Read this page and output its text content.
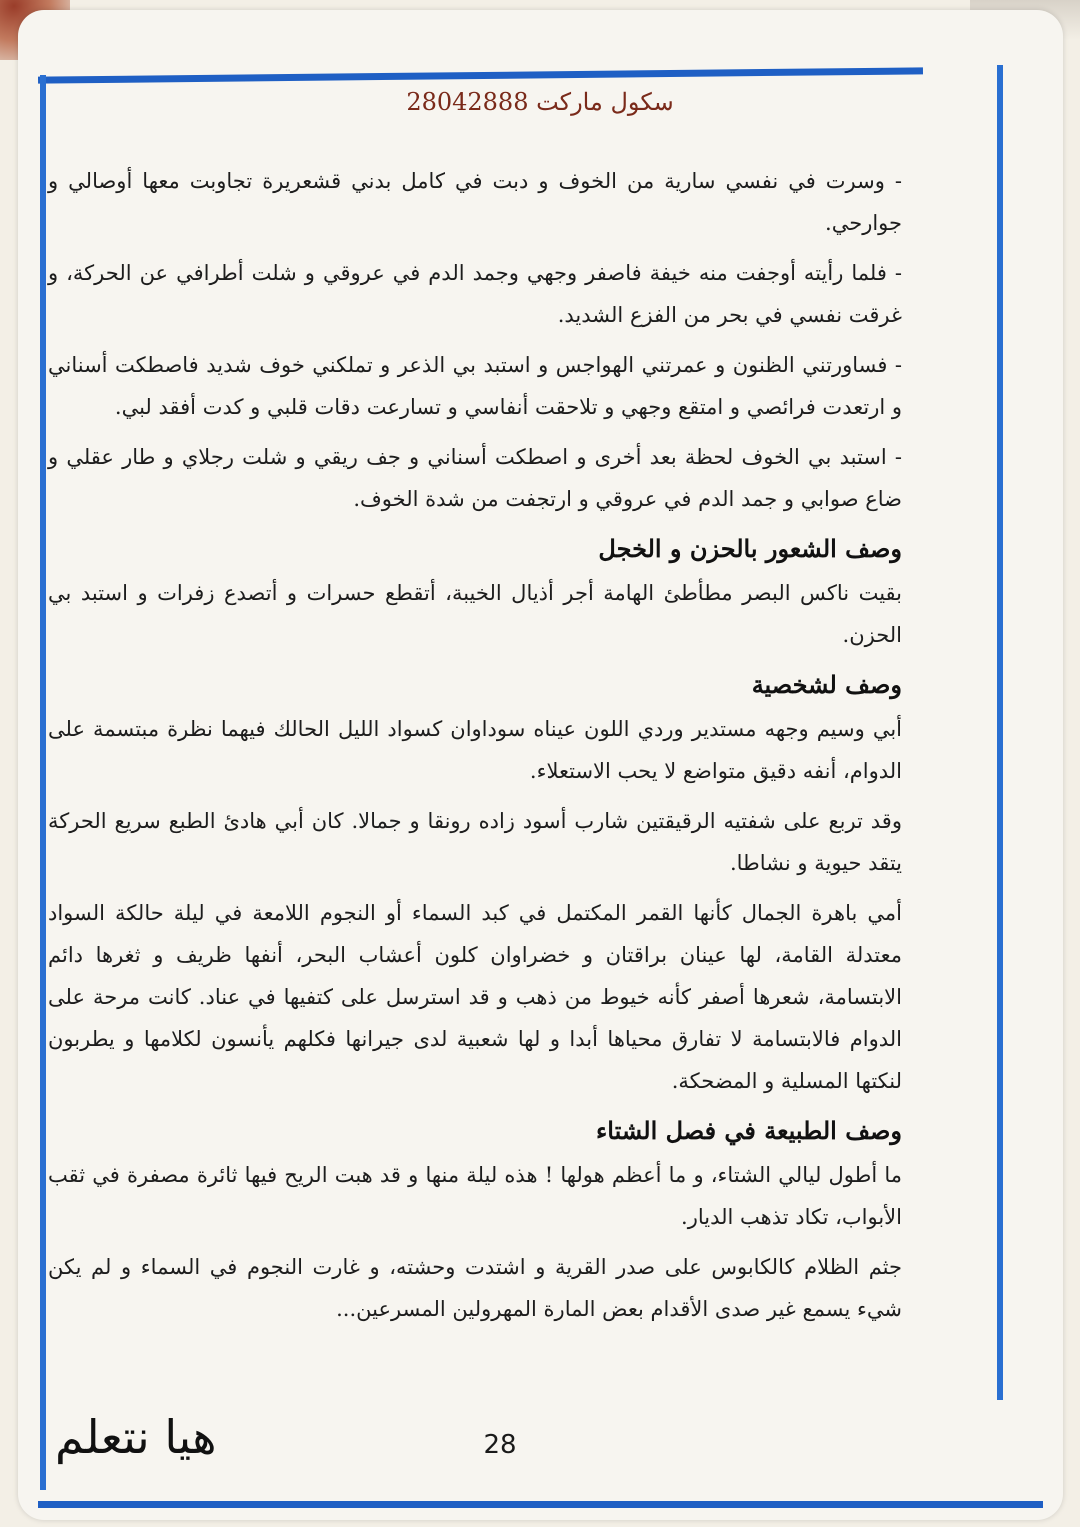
سكول ماركت 28042888
- وسرت في نفسي سارية من الخوف و دبت في كامل بدني قشعريرة تجاوبت معها أوصالي و جوارحي.
- فلما رأيته أوجفت منه خيفة فاصفر وجهي وجمد الدم في عروقي و شلت أطرافي عن الحركة، و غرقت نفسي في بحر من الفزع الشديد.
- فساورتني الظنون و عمرتني الهواجس و استبد بي الذعر و تملكني خوف شديد فاصطكت أسناني و ارتعدت فرائصي و امتقع وجهي و تلاحقت أنفاسي و تسارعت دقات قلبي و كدت أفقد لبي.
- استبد بي الخوف لحظة بعد أخرى و اصطكت أسناني و جف ريقي و شلت رجلاي و طار عقلي و ضاع صوابي و جمد الدم في عروقي و ارتجفت من شدة الخوف.
وصف الشعور بالحزن و الخجل
بقيت ناكس البصر مطأطئ الهامة أجر أذيال الخيبة، أتقطع حسرات و أتصدع زفرات و استبد بي الحزن.
وصف لشخصية
أبي وسيم وجهه مستدير وردي اللون عيناه سوداوان كسواد الليل الحالك فيهما نظرة مبتسمة على الدوام، أنفه دقيق متواضع لا يحب الاستعلاء.
وقد تربع على شفتيه الرقيقتين شارب أسود زاده رونقا و جمالا. كان أبي هادئ الطبع سريع الحركة يتقد حيوية و نشاطا.
أمي باهرة الجمال كأنها القمر المكتمل في كبد السماء أو النجوم اللامعة في ليلة حالكة السواد معتدلة القامة، لها عينان براقتان و خضراوان كلون أعشاب البحر، أنفها ظريف و ثغرها دائم الابتسامة، شعرها أصفر كأنه خيوط من ذهب و قد استرسل على كتفيها في عناد. كانت مرحة على الدوام فالابتسامة لا تفارق محياها أبدا و لها شعبية لدى جيرانها فكلهم يأنسون لكلامها و يطربون لنكتها المسلية و المضحكة.
وصف الطبيعة في فصل الشتاء
ما أطول ليالي الشتاء، و ما أعظم هولها ! هذه ليلة منها و قد هبت الريح فيها ثائرة مصفرة في ثقب الأبواب، تكاد تذهب الديار.
جثم الظلام كالكابوس على صدر القرية و اشتدت وحشته، و غارت النجوم في السماء و لم يكن شيء يسمع غير صدى الأقدام بعض المارة المهرولين المسرعين...
28
هيا نتعلم
